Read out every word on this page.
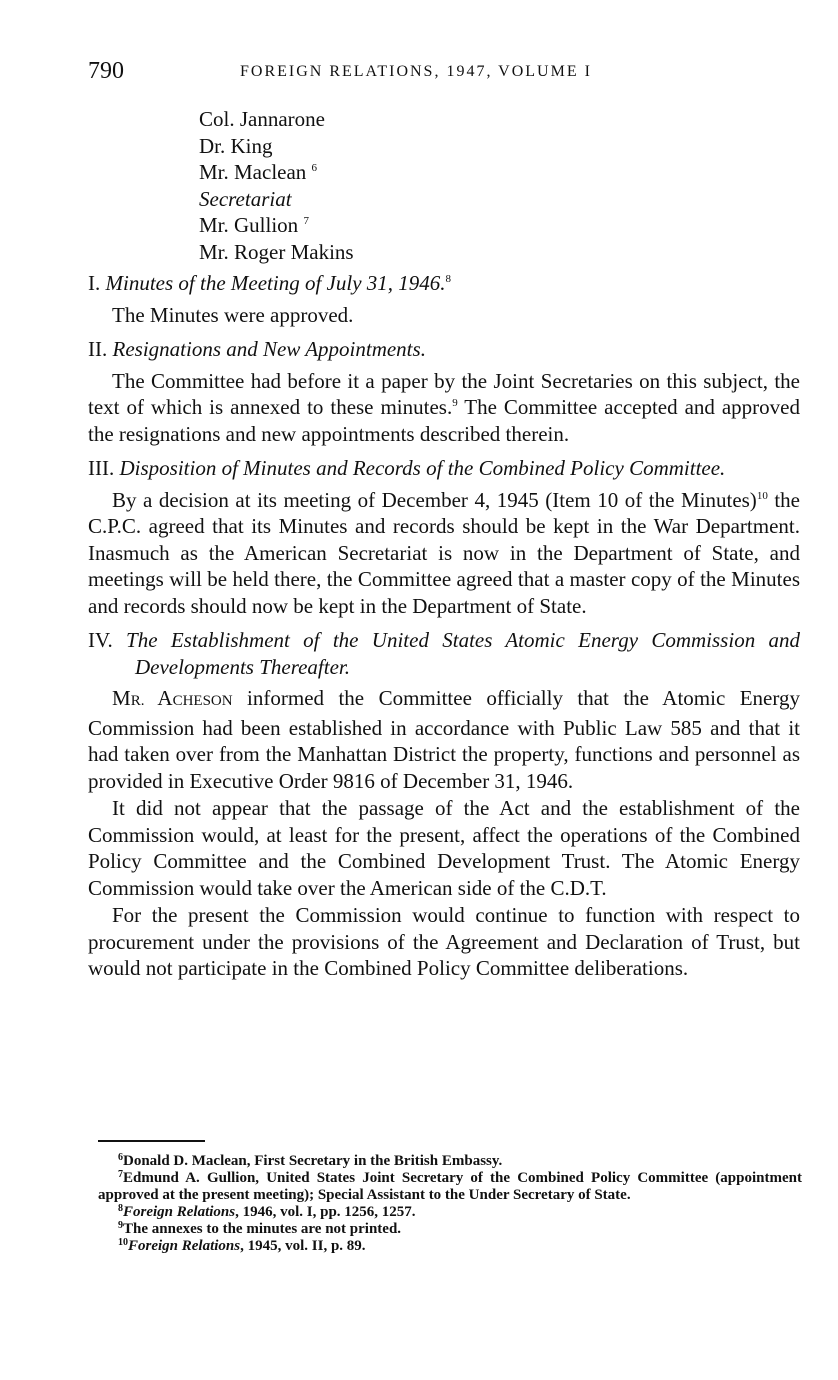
790	FOREIGN RELATIONS, 1947, VOLUME I
Col. Jannarone
Dr. King
Mr. Maclean $^6$
Secretariat
Mr. Gullion $^7$
Mr. Roger Makins
I. Minutes of the Meeting of July 31, 1946.$^8$

The Minutes were approved.

II. Resignations and New Appointments.

The Committee had before it a paper by the Joint Secretaries on this subject, the text of which is annexed to these minutes.$^9$ The Committee accepted and approved the resignations and new appointments described therein.

III. Disposition of Minutes and Records of the Combined Policy Committee.

By a decision at its meeting of December 4, 1945 (Item 10 of the Minutes)$^{10}$ the C.P.C. agreed that its Minutes and records should be kept in the War Department. Inasmuch as the American Secretariat is now in the Department of State, and meetings will be held there, the Committee agreed that a master copy of the Minutes and records should now be kept in the Department of State.

IV. The Establishment of the United States Atomic Energy Commission and Developments Thereafter.

MR. ACHESON informed the Committee officially that the Atomic Energy Commission had been established in accordance with Public Law 585 and that it had taken over from the Manhattan District the property, functions and personnel as provided in Executive Order 9816 of December 31, 1946.

It did not appear that the passage of the Act and the establishment of the Commission would, at least for the present, affect the operations of the Combined Policy Committee and the Combined Development Trust. The Atomic Energy Commission would take over the American side of the C.D.T.

For the present the Commission would continue to function with respect to procurement under the provisions of the Agreement and Declaration of Trust, but would not participate in the Combined Policy Committee deliberations.

$^6$Donald D. Maclean, First Secretary in the British Embassy.
$^7$Edmund A. Gullion, United States Joint Secretary of the Combined Policy Committee (appointment approved at the present meeting); Special Assistant to the Under Secretary of State.
$^8$Foreign Relations, 1946, vol. I, pp. 1256, 1257.
$^9$The annexes to the minutes are not printed.
$^{10}$Foreign Relations, 1945, vol. II, p. 89.
